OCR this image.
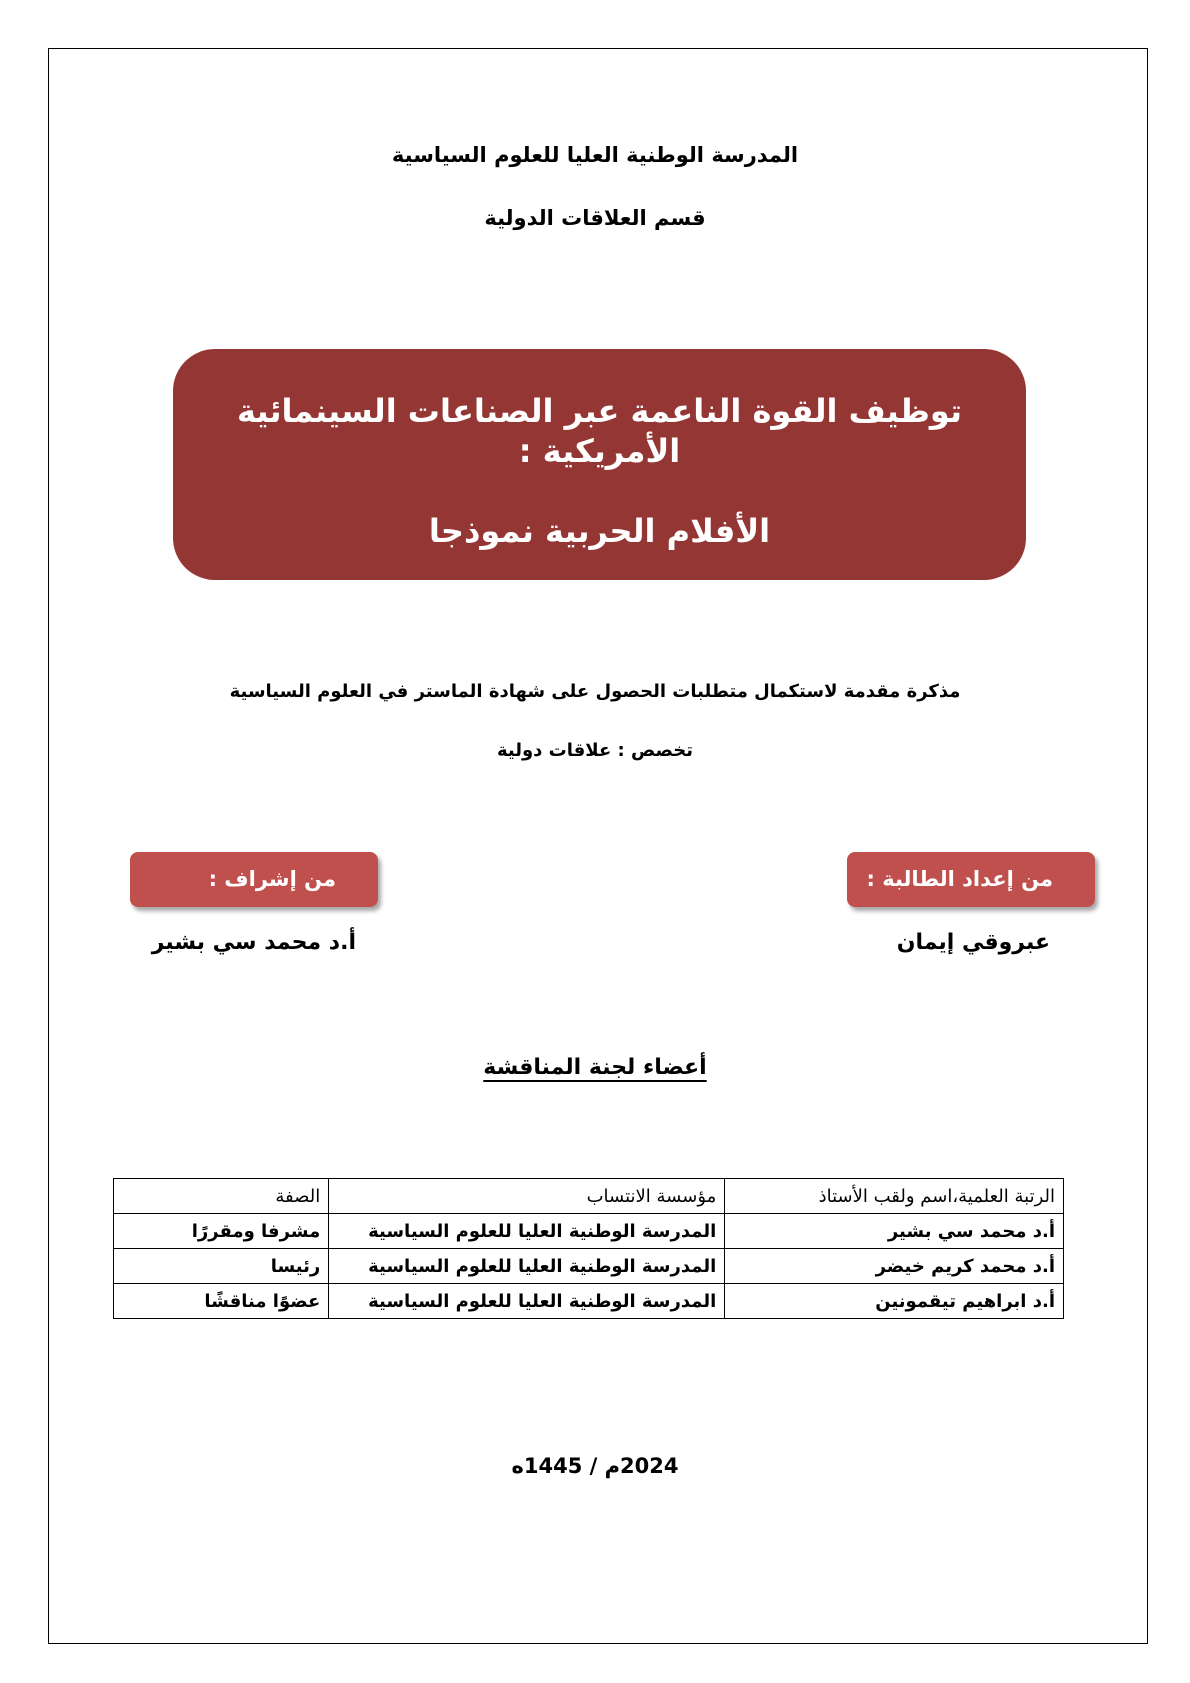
المدرسة الوطنية العليا للعلوم السياسية
قسم العلاقات الدولية
توظيف القوة الناعمة عبر الصناعات السينمائية الأمريكية :
الأفلام الحربية نموذجا
مذكرة مقدمة لاستكمال متطلبات الحصول على شهادة الماستر في العلوم السياسية
تخصص : علاقات دولية
من إعداد الطالبة :
من إشراف :
عبروقي إيمان
أ.د محمد سي بشير
أعضاء لجنة المناقشة
الرتبة العلمية،اسم ولقب الأستاذ	مؤسسة الانتساب	الصفة
أ.د محمد سي بشير	المدرسة الوطنية العليا للعلوم السياسية	مشرفا ومقررًا
أ.د محمد كريم خيضر	المدرسة الوطنية العليا للعلوم السياسية	رئيسا
أ.د ابراهيم تيقمونين	المدرسة الوطنية العليا للعلوم السياسية	عضوًا مناقشًا
2024م / 1445ه
